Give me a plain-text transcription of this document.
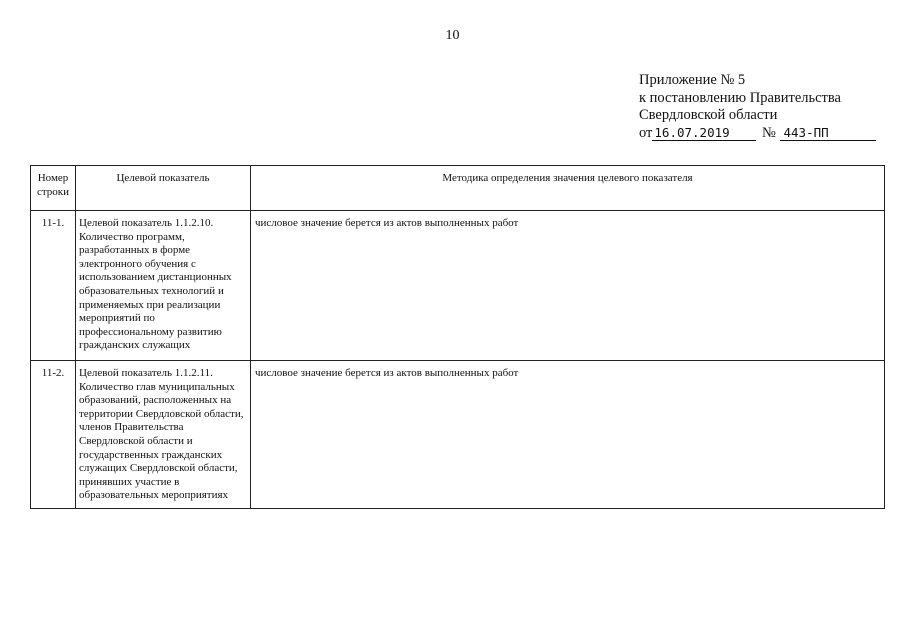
10
Приложение № 5
к постановлению Правительства
Свердловской области
от 16.07.2019 № 443-ПП
Номер строки	Целевой показатель	Методика определения значения целевого показателя
11-1.	Целевой показатель 1.1.2.10. Количество программ, разработанных в форме электронного обучения с использованием дистанционных образовательных технологий и применяемых при реализации мероприятий по профессиональному развитию гражданских служащих	числовое значение берется из актов выполненных работ
11-2.	Целевой показатель 1.1.2.11. Количество глав муниципальных образований, расположенных на территории Свердловской области, членов Правительства Свердловской области и государственных гражданских служащих Свердловской области, принявших участие в образовательных мероприятиях	числовое значение берется из актов выполненных работ
